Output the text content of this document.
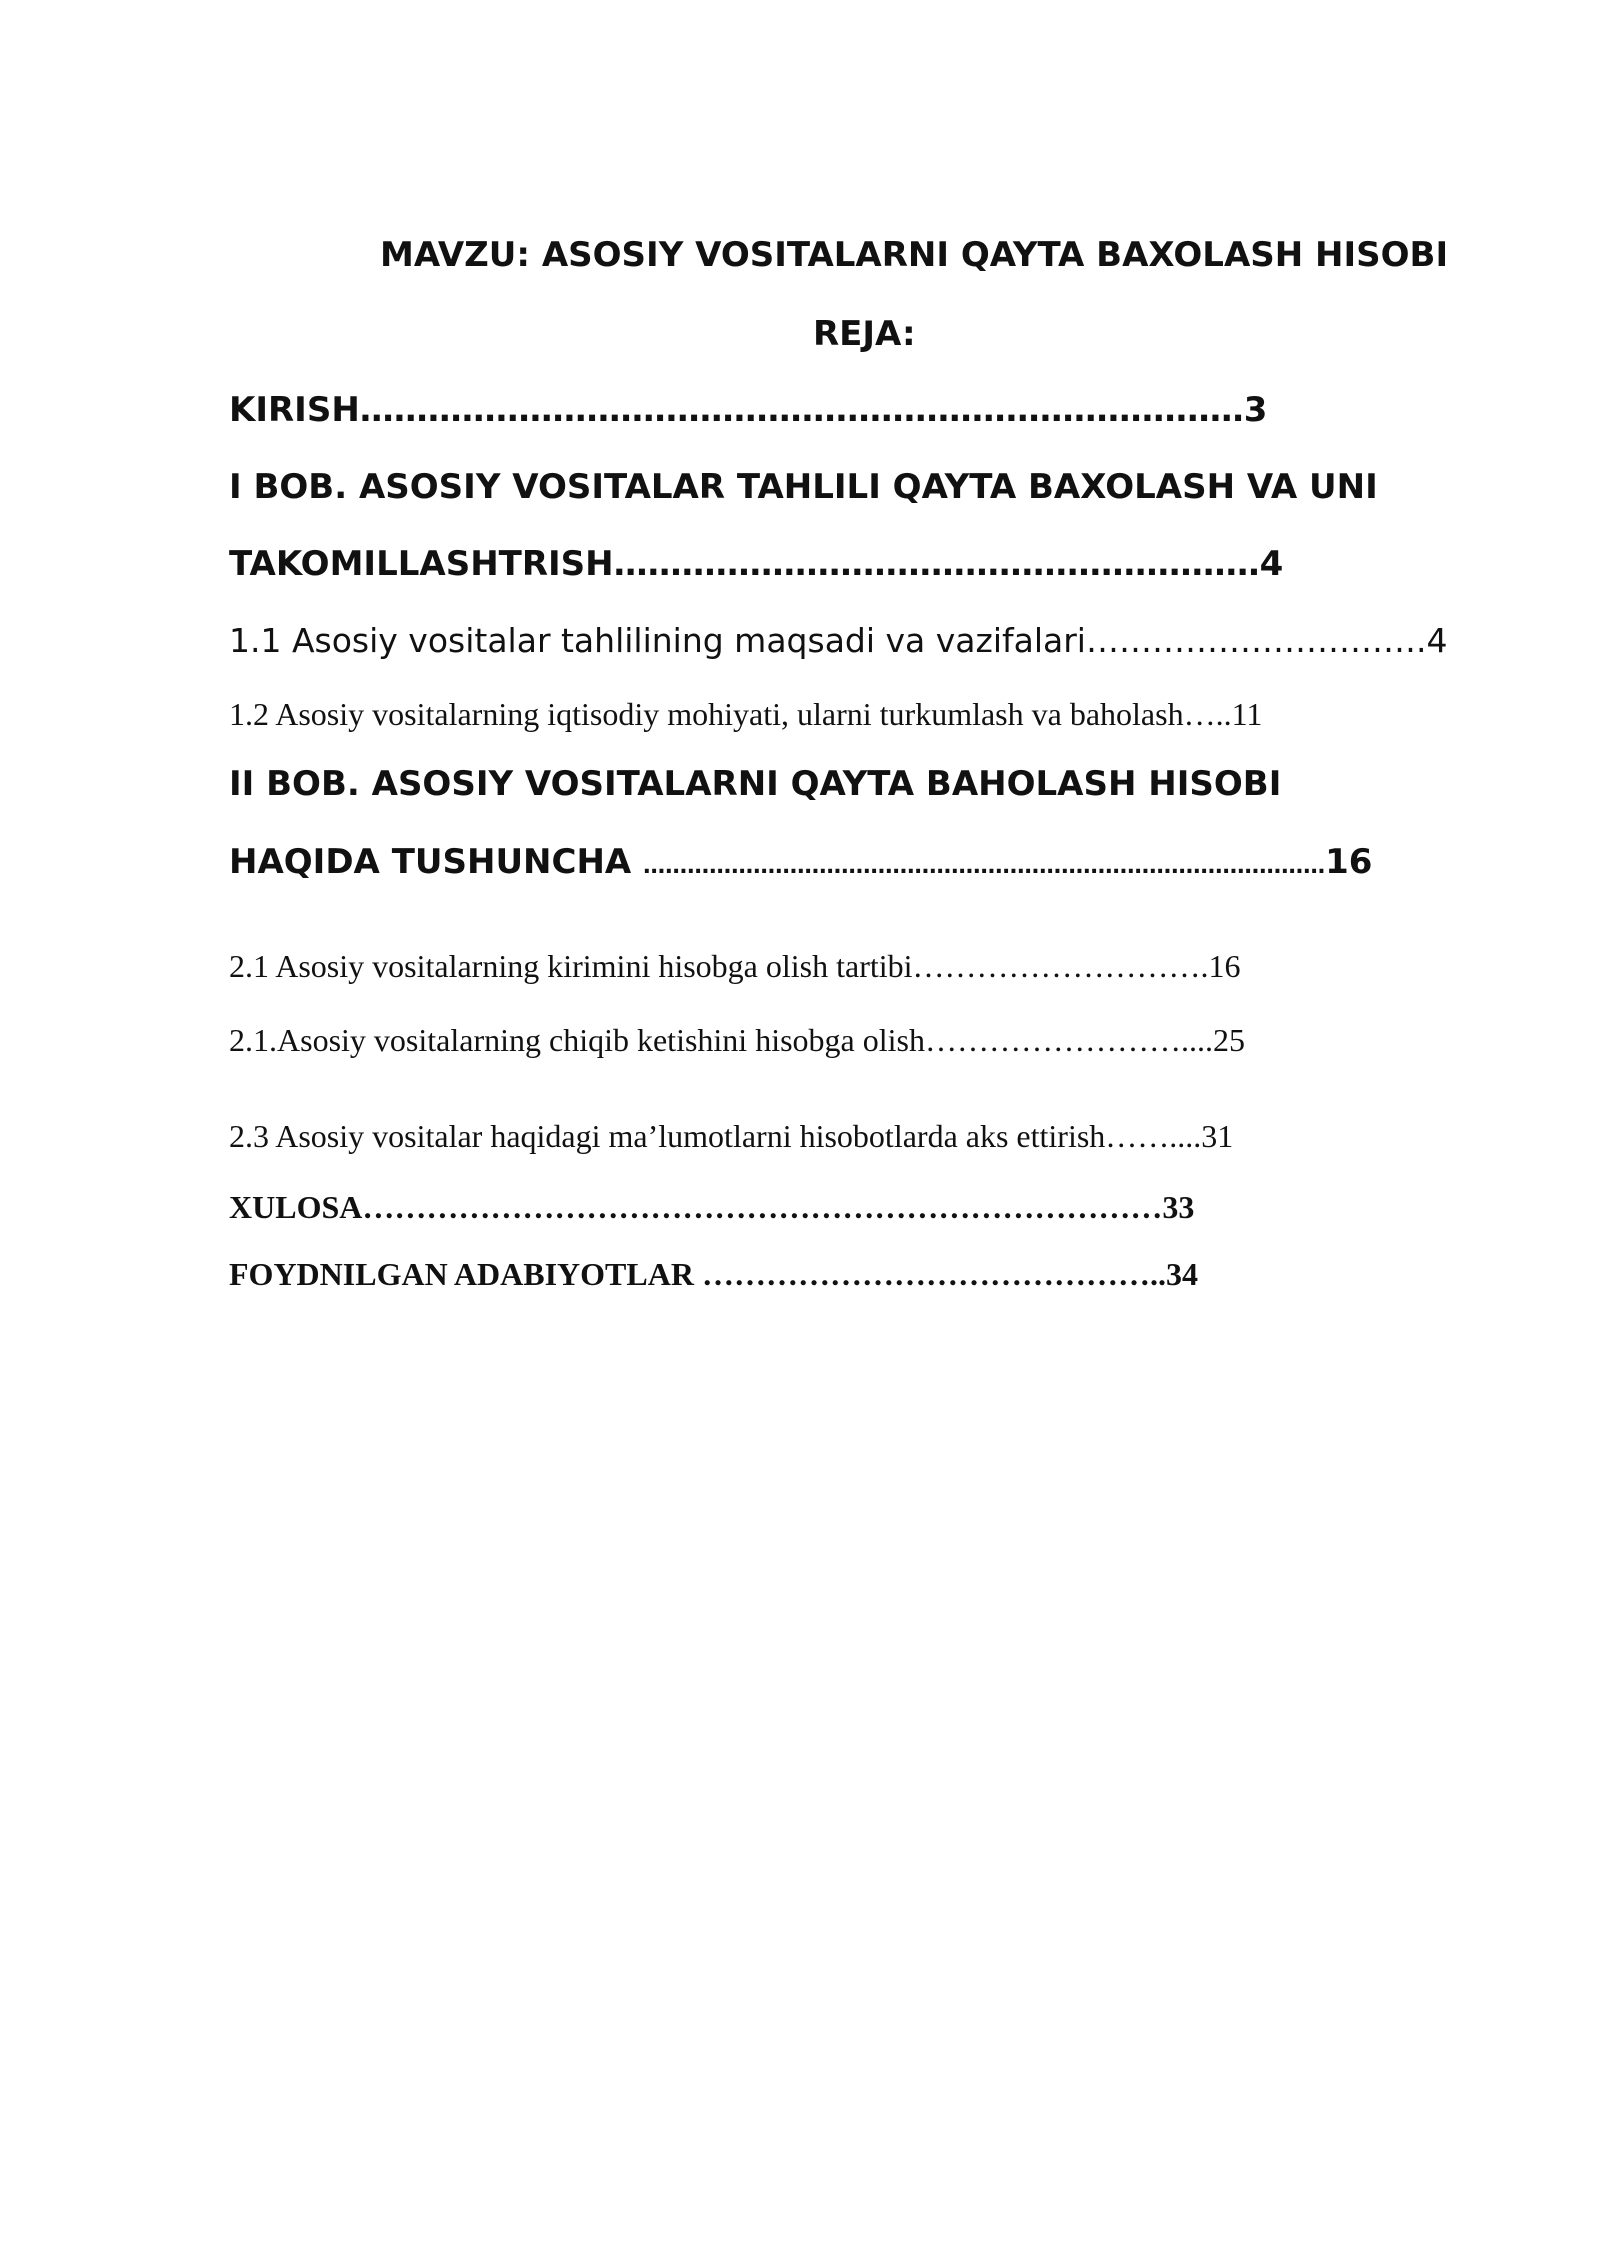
MAVZU: ASOSIY VOSITALARNI QAYTA BAXOLASH HISOBI
REJA:
KIRISH……………………………………………………………………3
I BOB. ASOSIY VOSITALAR TAHLILI QAYTA BAXOLASH VA UNI
TAKOMILLASHTRISH…………………………………………………4
1.1 Asosiy vositalar tahlilining maqsadi va vazifalari………………………….4
1.2 Asosiy vositalarning iqtisodiy mohiyati, ularni turkumlash va baholash…..11
II BOB. ASOSIY VOSITALARNI QAYTA BAHOLASH HISOBI
HAQIDA TUSHUNCHA …………………………………………………………………………………16
2.1 Asosiy vositalarning kirimini hisobga olish tartibi……………………….16
2.1.Asosiy vositalarning chiqib ketishini hisobga olish……………………....25
2.3 Asosiy vositalar haqidagi ma’lumotlarni hisobotlarda aks ettirish……....31
XULOSA…………………………………………………………………33
FOYDNILGAN ADABIYOTLAR ……………………………………..34
